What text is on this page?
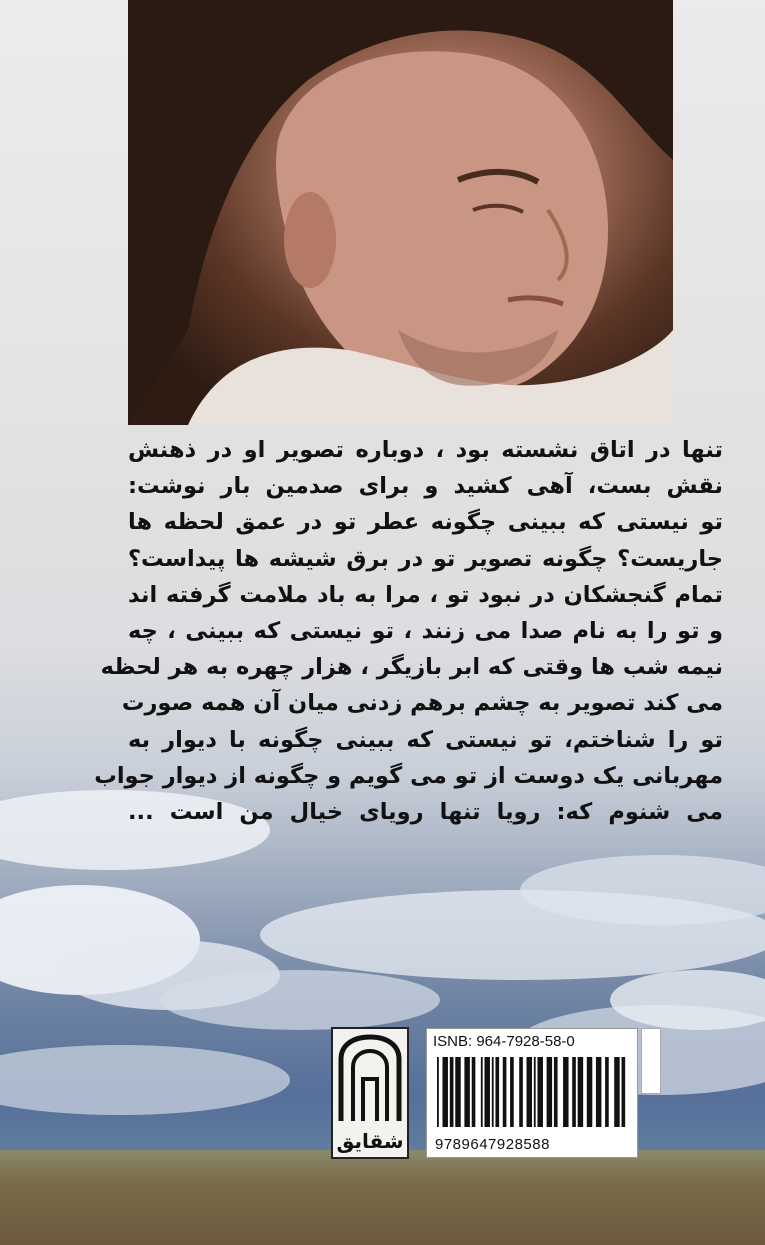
تنها در اتاق نشسته بود ، دوباره تصویر او در ذهنش
نقش بست، آهی کشید و برای صدمین بار نوشت:
تو نیستی که ببینی چگونه عطر تو در عمق لحظه ها
جاریست؟ چگونه تصویر تو در برق شیشه ها پیداست؟
تمام گنجشکان در نبود تو ، مرا به باد ملامت گرفته اند
و تو را به نام صدا می زنند ، تو نیستی که ببینی ، چه
نیمه شب ها وقتی که ابر بازیگر ، هزار چهره به هر لحظه
می کند تصویر به چشم برهم زدنی میان آن همه صورت
تو را شناختم، تو نیستی که ببینی چگونه با دیوار به
مهربانی یک دوست از تو می گویم و چگونه از دیوار جواب
می شنوم که: رویا تنها رویای خیال من است ...
شقایق
ISNB: 964-7928-58-0
9789647928588
